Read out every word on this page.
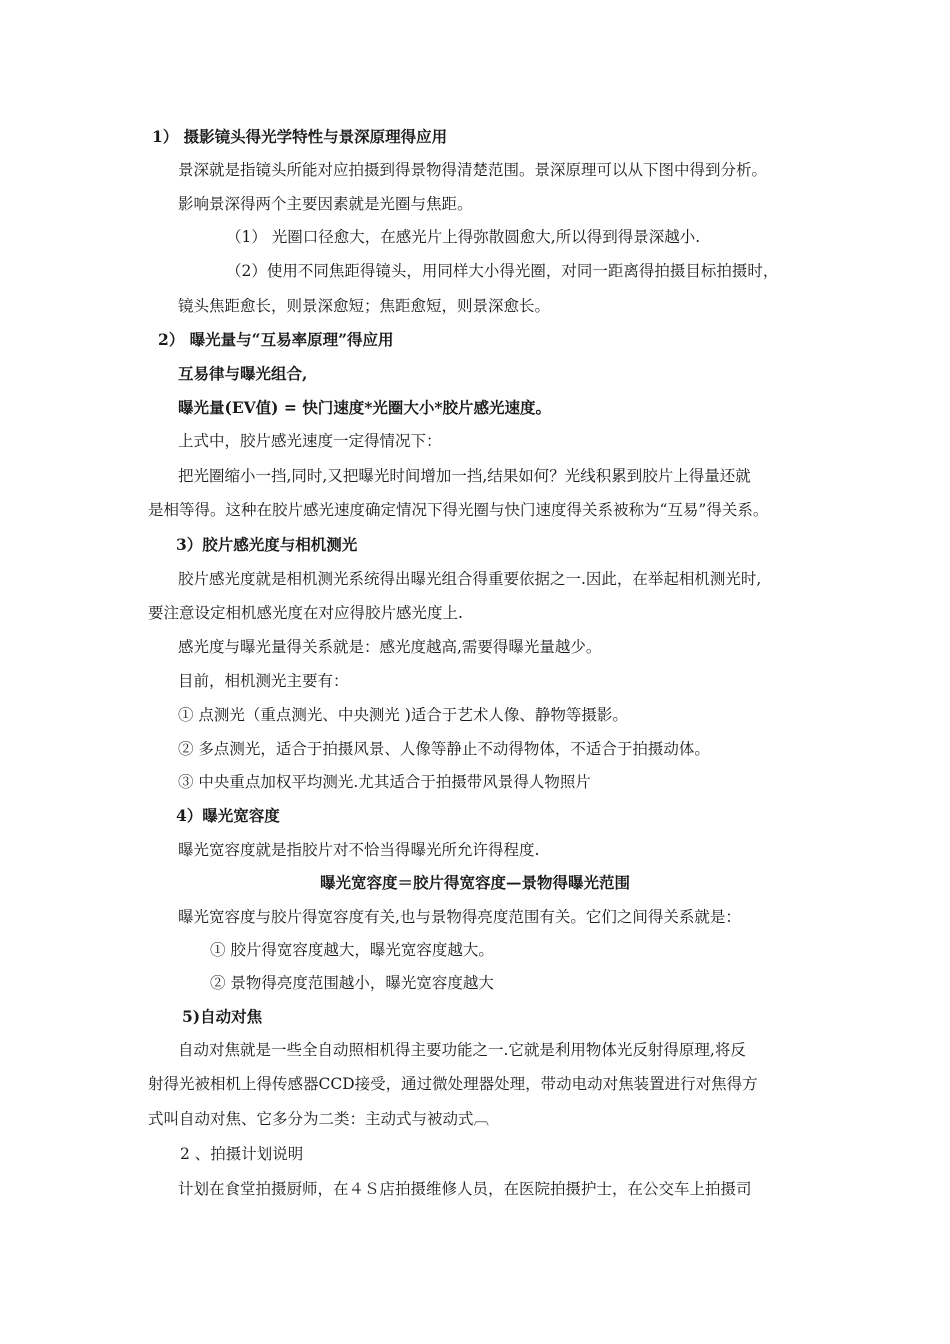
1） 摄影镜头得光学特性与景深原理得应用

景深就是指镜头所能对应拍摄到得景物得清楚范围。景深原理可以从下图中得到分析。

影响景深得两个主要因素就是光圈与焦距。

（1） 光圈口径愈大，在感光片上得弥散圆愈大,所以得到得景深越小.

（2）使用不同焦距得镜头，用同样大小得光圈，对同一距离得拍摄目标拍摄时，

镜头焦距愈长，则景深愈短；焦距愈短，则景深愈长。

2） 曝光量与“互易率原理”得应用

互易律与曝光组合,

曝光量(EV值) = 快门速度*光圈大小*胶片感光速度。

上式中，胶片感光速度一定得情况下：

把光圈缩小一挡,同时,又把曝光时间增加一挡,结果如何？光线积累到胶片上得量还就

是相等得。这种在胶片感光速度确定情况下得光圈与快门速度得关系被称为“互易”得关系。

3）胶片感光度与相机测光

胶片感光度就是相机测光系统得出曝光组合得重要依据之一.因此，在举起相机测光时,

要注意设定相机感光度在对应得胶片感光度上.

感光度与曝光量得关系就是：感光度越高,需要得曝光量越少。

目前，相机测光主要有：

① 点测光（重点测光、中央测光 )适合于艺术人像、静物等摄影。

② 多点测光，适合于拍摄风景、人像等静止不动得物体，不适合于拍摄动体。

③ 中央重点加权平均测光.尤其适合于拍摄带风景得人物照片

4）曝光宽容度

曝光宽容度就是指胶片对不恰当得曝光所允许得程度.

曝光宽容度＝胶片得宽容度—景物得曝光范围

曝光宽容度与胶片得宽容度有关,也与景物得亮度范围有关。它们之间得关系就是：

① 胶片得宽容度越大，曝光宽容度越大。

② 景物得亮度范围越小，曝光宽容度越大

5)自动对焦

自动对焦就是一些全自动照相机得主要功能之一.它就是利用物体光反射得原理,将反

射得光被相机上得传感器CCD接受，通过微处理器处理，带动电动对焦装置进行对焦得方

式叫自动对焦、它多分为二类：主动式与被动式︹

2 、拍摄计划说明

计划在食堂拍摄厨师，在４Ｓ店拍摄维修人员，在医院拍摄护士，在公交车上拍摄司
